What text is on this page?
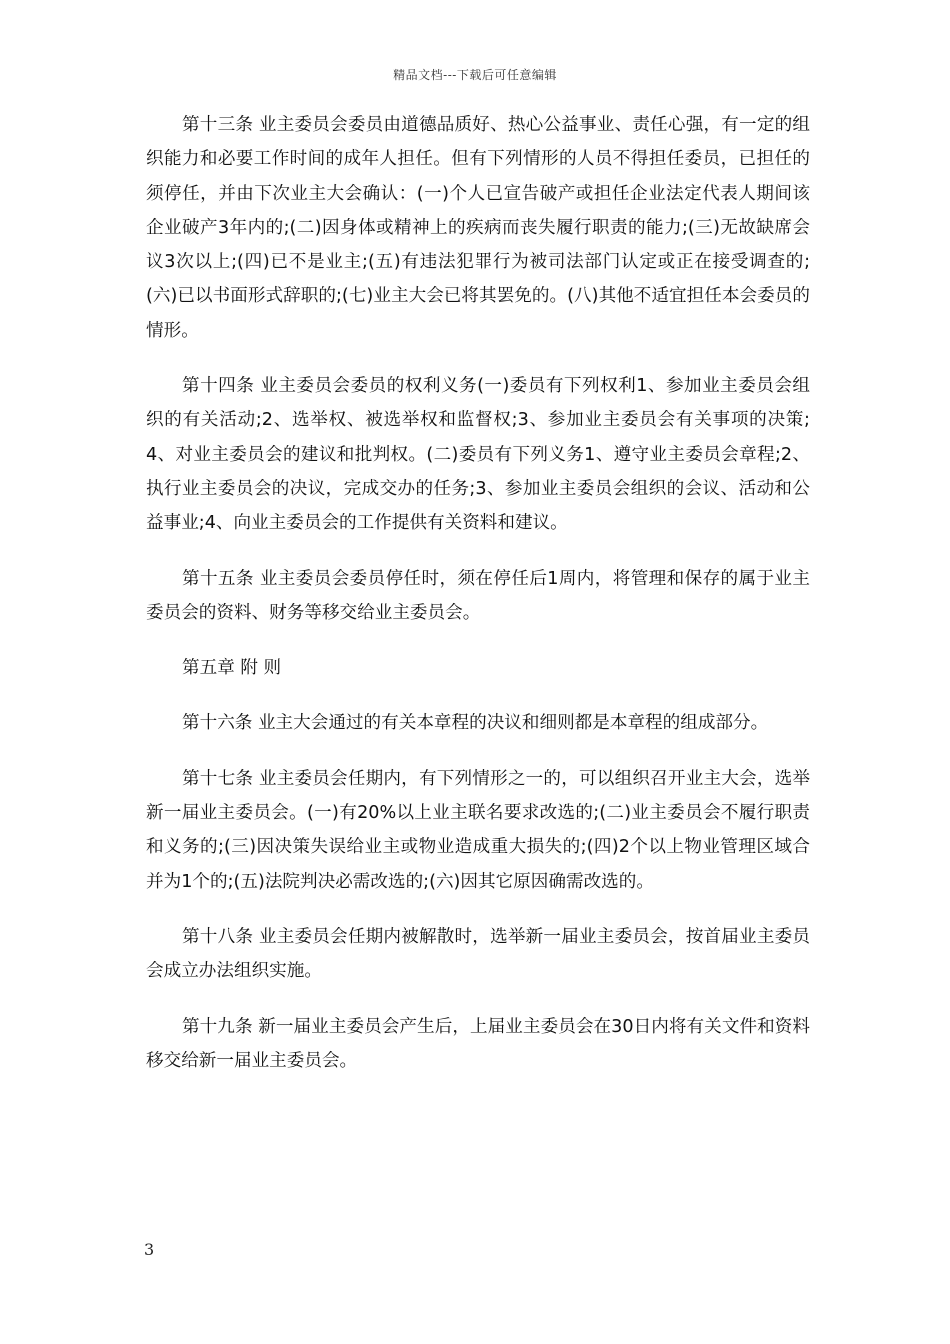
精品文档---下载后可任意编辑

第十三条 业主委员会委员由道德品质好、热心公益事业、责任心强，有一定的组织能力和必要工作时间的成年人担任。但有下列情形的人员不得担任委员，已担任的须停任，并由下次业主大会确认：(一)个人已宣告破产或担任企业法定代表人期间该企业破产3年内的;(二)因身体或精神上的疾病而丧失履行职责的能力;(三)无故缺席会议3次以上;(四)已不是业主;(五)有违法犯罪行为被司法部门认定或正在接受调查的;(六)已以书面形式辞职的;(七)业主大会已将其罢免的。(八)其他不适宜担任本会委员的情形。

第十四条 业主委员会委员的权利义务(一)委员有下列权利1、参加业主委员会组织的有关活动;2、选举权、被选举权和监督权;3、参加业主委员会有关事项的决策;4、对业主委员会的建议和批判权。(二)委员有下列义务1、遵守业主委员会章程;2、执行业主委员会的决议，完成交办的任务;3、参加业主委员会组织的会议、活动和公益事业;4、向业主委员会的工作提供有关资料和建议。

第十五条 业主委员会委员停任时，须在停任后1周内，将管理和保存的属于业主委员会的资料、财务等移交给业主委员会。

第五章 附 则

第十六条 业主大会通过的有关本章程的决议和细则都是本章程的组成部分。

第十七条 业主委员会任期内，有下列情形之一的，可以组织召开业主大会，选举新一届业主委员会。(一)有20%以上业主联名要求改选的;(二)业主委员会不履行职责和义务的;(三)因决策失误给业主或物业造成重大损失的;(四)2个以上物业管理区域合并为1个的;(五)法院判决必需改选的;(六)因其它原因确需改选的。

第十八条 业主委员会任期内被解散时，选举新一届业主委员会，按首届业主委员会成立办法组织实施。

第十九条 新一届业主委员会产生后，上届业主委员会在30日内将有关文件和资料移交给新一届业主委员会。

3
